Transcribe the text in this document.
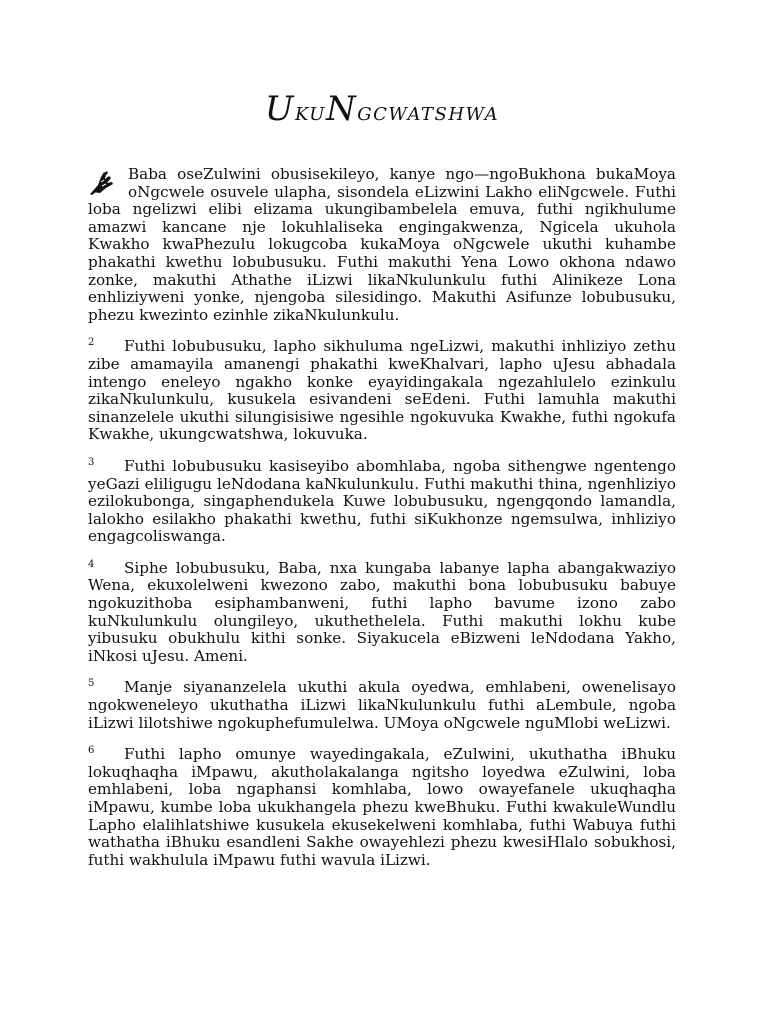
UkuNgcwatshwa

Baba oseZulwini obusisekileyo, kanye ngo—ngoBukhona bukaMoya oNgcwele osuvele ulapha, sisondela eLizwini Lakho eliNgcwele. Futhi loba ngelizwi elibi elizama ukungibambelela emuva, futhi ngikhulume amazwi kancane nje lokuhlaliseka engingakwenza, Ngicela ukuhola Kwakho kwaPhezulu lokugcoba kukaMoya oNgcwele ukuthi kuhambe phakathi kwethu lobubusuku. Futhi makuthi Yena Lowo okhona ndawo zonke, makuthi Athathe iLizwi likaNkulunkulu futhi Alinikeze Lona enhliziyweni yonke, njengoba silesidingo. Makuthi Asifunze lobubusuku, phezu kwezinto ezinhle zikaNkulunkulu.

2 Futhi lobubusuku, lapho sikhuluma ngeLizwi, makuthi inhliziyo zethu zibe amamayila amanengi phakathi kweKhalvari, lapho uJesu abhadala intengo eneleyo ngakho konke eyayidingakala ngezahlulelo ezinkulu zikaNkulunkulu, kusukela esivandeni seEdeni. Futhi lamuhla makuthi sinanzelele ukuthi silungisisiwe ngesihle ngokuvuka Kwakhe, futhi ngokufa Kwakhe, ukungcwatshwa, lokuvuka.

3 Futhi lobubusuku kasiseyibo abomhlaba, ngoba sithengwe ngentengo yeGazi eliligugu leNdodana kaNkulunkulu. Futhi makuthi thina, ngenhliziyo ezilokubonga, singaphendukela Kuwe lobubusuku, ngengqondo lamandla, lalokho esilakho phakathi kwethu, futhi siKukhonze ngemsulwa, inhliziyo engagcoliswanga.

4 Siphe lobubusuku, Baba, nxa kungaba labanye lapha abangakwaziyo Wena, ekuxolelweni kwezono zabo, makuthi bona lobubusuku babuye ngokuzithoba esiphambanweni, futhi lapho bavume izono zabo kuNkulunkulu olungileyo, ukuthethelela. Futhi makuthi lokhu kube yibusuku obukhulu kithi sonke. Siyakucela eBizweni leNdodana Yakho, iNkosi uJesu. Ameni.

5 Manje siyananzelela ukuthi akula oyedwa, emhlabeni, owenelisayo ngokweneleyo ukuthatha iLizwi likaNkulunkulu futhi aLembule, ngoba iLizwi lilotshiwe ngokuphefumulelwa. UMoya oNgcwele nguMlobi weLizwi.

6 Futhi lapho omunye wayedingakala, eZulwini, ukuthatha iBhuku lokuqhaqha iMpawu, akutholakalanga ngitsho loyedwa eZulwini, loba emhlabeni, loba ngaphansi komhlaba, lowo owayefanele ukuqhaqha iMpawu, kumbe loba ukukhangela phezu kweBhuku. Futhi kwakuleWundlu Lapho elalihlatshiwe kusukela ekusekelweni komhlaba, futhi Wabuya futhi wathatha iBhuku esandleni Sakhe owayehlezi phezu kwesiHlalo sobukhosi, futhi wakhulula iMpawu futhi wavula iLizwi.
